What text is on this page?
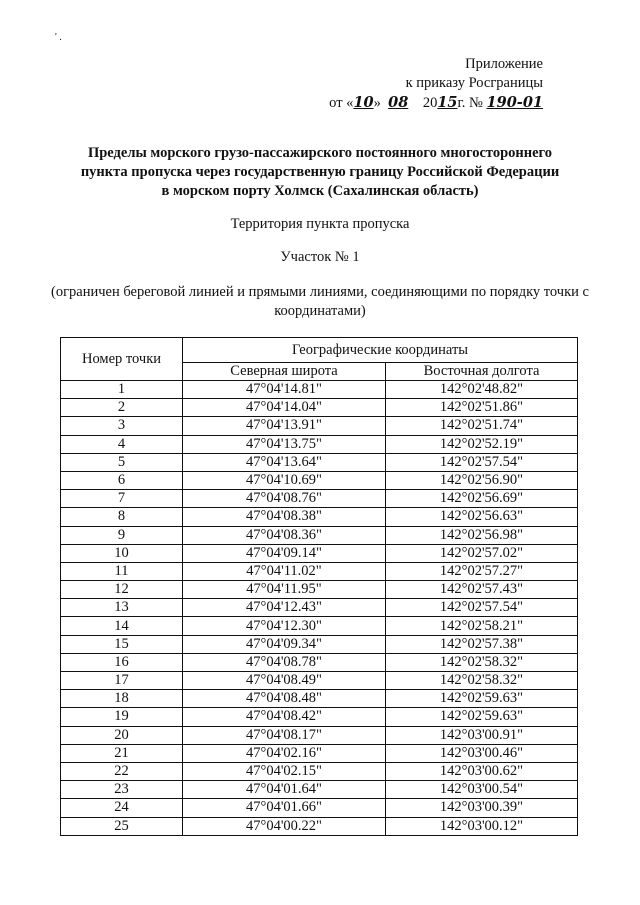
' .
Приложение
к приказу Росграницы
от «10» 08 2015г. № 190-01
Пределы морского грузо-пассажирского постоянного многостороннего
пункта пропуска через государственную границу Российской Федерации
в морском порту Холмск (Сахалинская область)
Территория пункта пропуска
Участок № 1
(ограничен береговой линией и прямыми линиями, соединяющими по порядку точки с координатами)
Номер точки	Географические координаты	
	Северная широта	Восточная долгота
1	47°04'14.81"	142°02'48.82"
2	47°04'14.04"	142°02'51.86"
3	47°04'13.91"	142°02'51.74"
4	47°04'13.75"	142°02'52.19"
5	47°04'13.64"	142°02'57.54"
6	47°04'10.69"	142°02'56.90"
7	47°04'08.76"	142°02'56.69"
8	47°04'08.38"	142°02'56.63"
9	47°04'08.36"	142°02'56.98"
10	47°04'09.14"	142°02'57.02"
11	47°04'11.02"	142°02'57.27"
12	47°04'11.95"	142°02'57.43"
13	47°04'12.43"	142°02'57.54"
14	47°04'12.30"	142°02'58.21"
15	47°04'09.34"	142°02'57.38"
16	47°04'08.78"	142°02'58.32"
17	47°04'08.49"	142°02'58.32"
18	47°04'08.48"	142°02'59.63"
19	47°04'08.42"	142°02'59.63"
20	47°04'08.17"	142°03'00.91"
21	47°04'02.16"	142°03'00.46"
22	47°04'02.15"	142°03'00.62"
23	47°04'01.64"	142°03'00.54"
24	47°04'01.66"	142°03'00.39"
25	47°04'00.22"	142°03'00.12"
